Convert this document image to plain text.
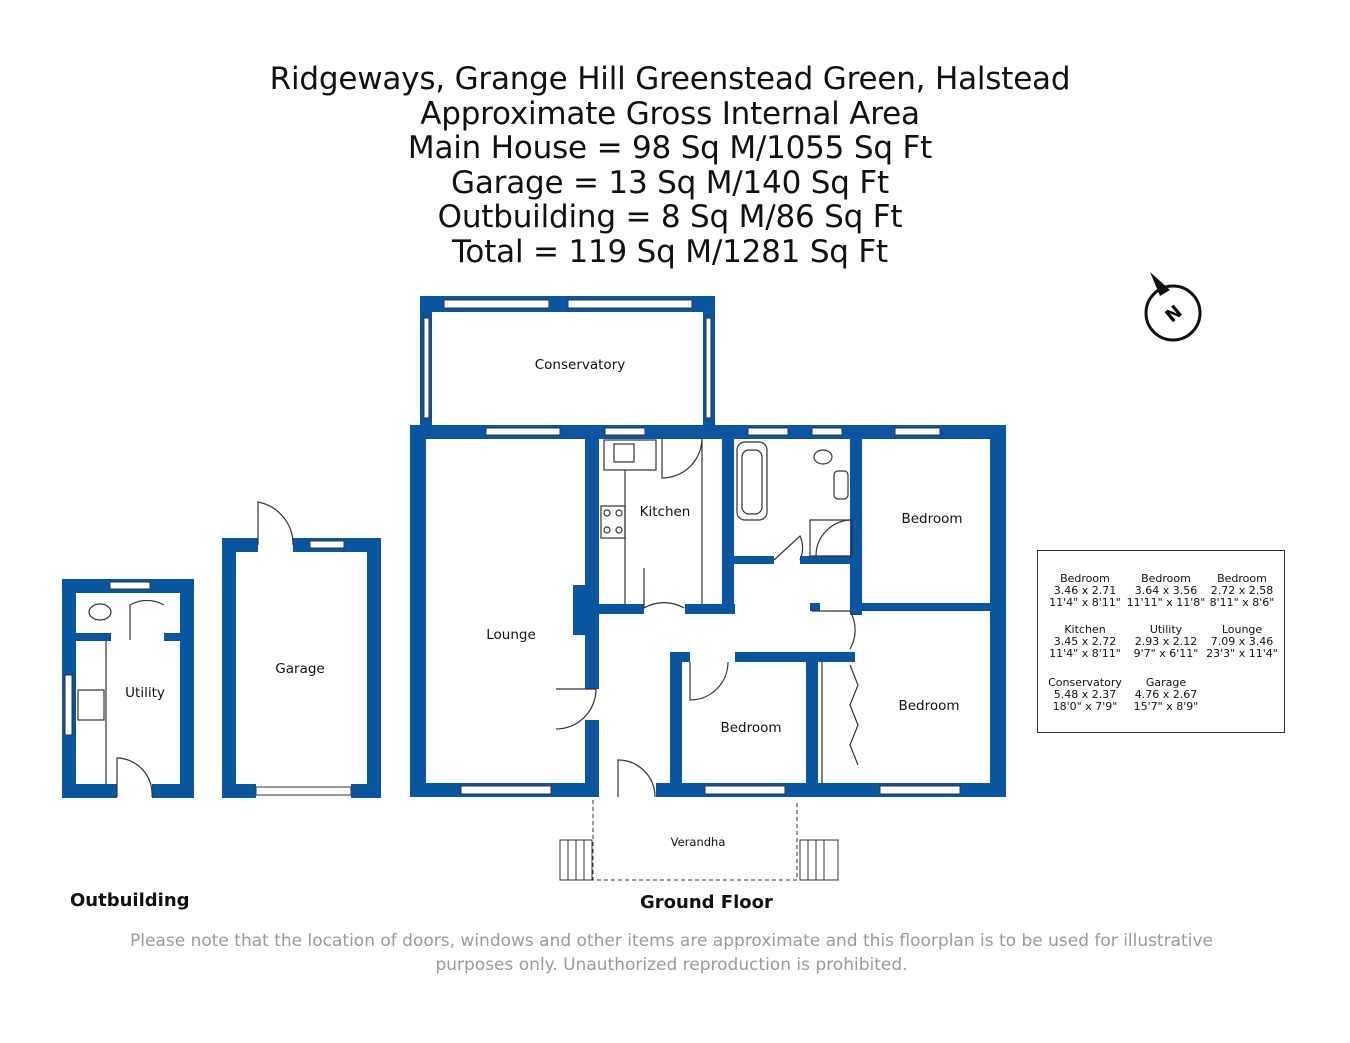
Ridgeways, Grange Hill Greenstead Green, Halstead
Approximate Gross Internal Area
Main House = 98 Sq M/1055 Sq Ft
Garage = 13 Sq M/140 Sq Ft
Outbuilding = 8 Sq M/86 Sq Ft
Total = 119 Sq M/1281 Sq Ft
N
Conservatory
Kitchen
Lounge
Garage
Utility
Bedroom
Bedroom
Bedroom
Verandha
Outbuilding	Ground Floor
Bedroom
3.46 x 2.71
11'4" x 8'11"
Bedroom
3.64 x 3.56
11'11" x 11'8"
Bedroom
2.72 x 2.58
8'11" x 8'6"
Kitchen
3.45 x 2.72
11'4" x 8'11"
Utility
2.93 x 2.12
9'7" x 6'11"
Lounge
7.09 x 3.46
23'3" x 11'4"
Conservatory
5.48 x 2.37
18'0" x 7'9"
Garage
4.76 x 2.67
15'7" x 8'9"
Please note that the location of doors, windows and other items are approximate and this floorplan is to be used for illustrative
purposes only. Unauthorized reproduction is prohibited.
